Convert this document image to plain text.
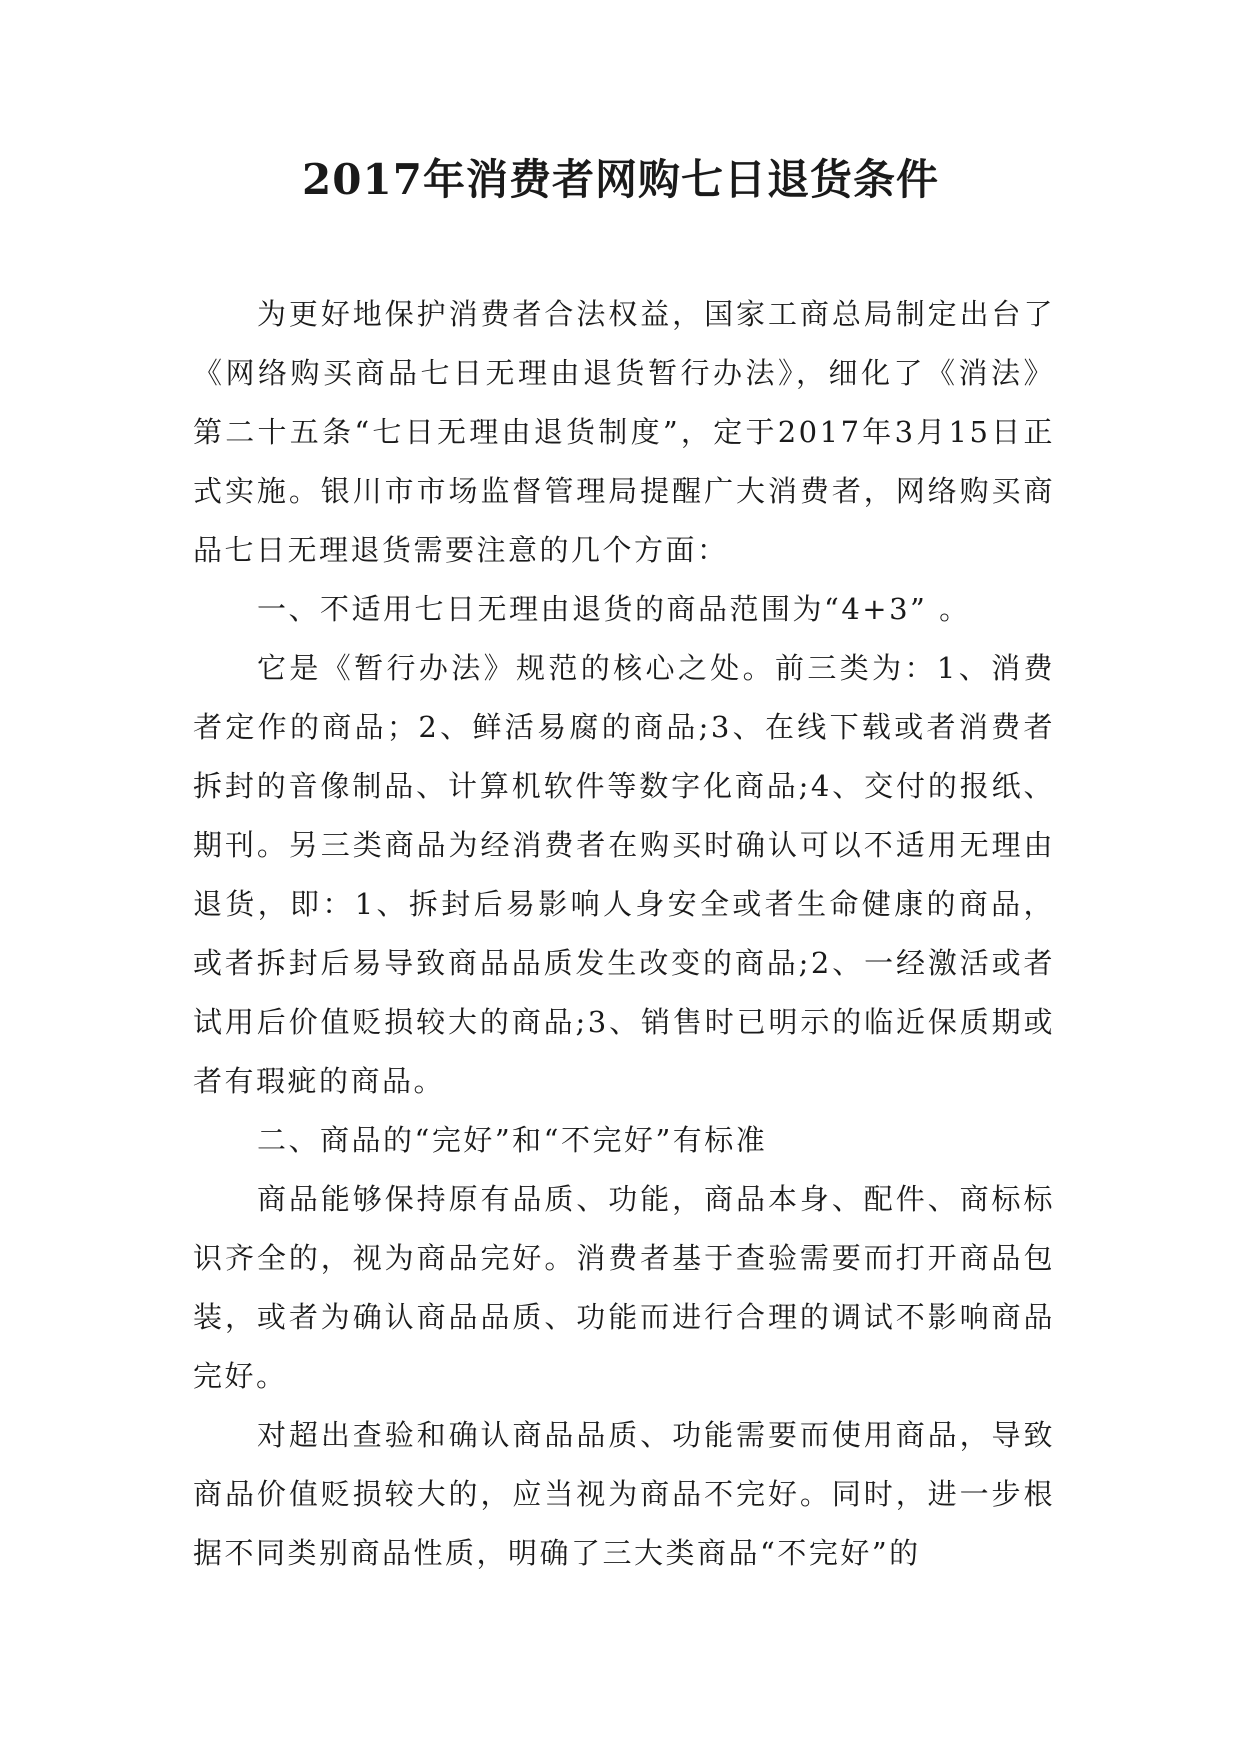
2017年消费者网购七日退货条件

为更好地保护消费者合法权益，国家工商总局制定出台了《网络购买商品七日无理由退货暂行办法》，细化了《消法》第二十五条“七日无理由退货制度”，定于2017年3月15日正式实施。银川市市场监督管理局提醒广大消费者，网络购买商品七日无理退货需要注意的几个方面：

一、不适用七日无理由退货的商品范围为“4+3” 。

它是《暂行办法》规范的核心之处。前三类为：1、消费者定作的商品；2、鲜活易腐的商品;3、在线下载或者消费者拆封的音像制品、计算机软件等数字化商品;4、交付的报纸、期刊。另三类商品为经消费者在购买时确认可以不适用无理由退货，即：1、拆封后易影响人身安全或者生命健康的商品，或者拆封后易导致商品品质发生改变的商品;2、一经激活或者试用后价值贬损较大的商品;3、销售时已明示的临近保质期或者有瑕疵的商品。

二、商品的“完好”和“不完好”有标准

商品能够保持原有品质、功能，商品本身、配件、商标标识齐全的，视为商品完好。消费者基于查验需要而打开商品包装，或者为确认商品品质、功能而进行合理的调试不影响商品完好。

对超出查验和确认商品品质、功能需要而使用商品，导致商品价值贬损较大的，应当视为商品不完好。同时，进一步根据不同类别商品性质，明确了三大类商品“不完好”的
